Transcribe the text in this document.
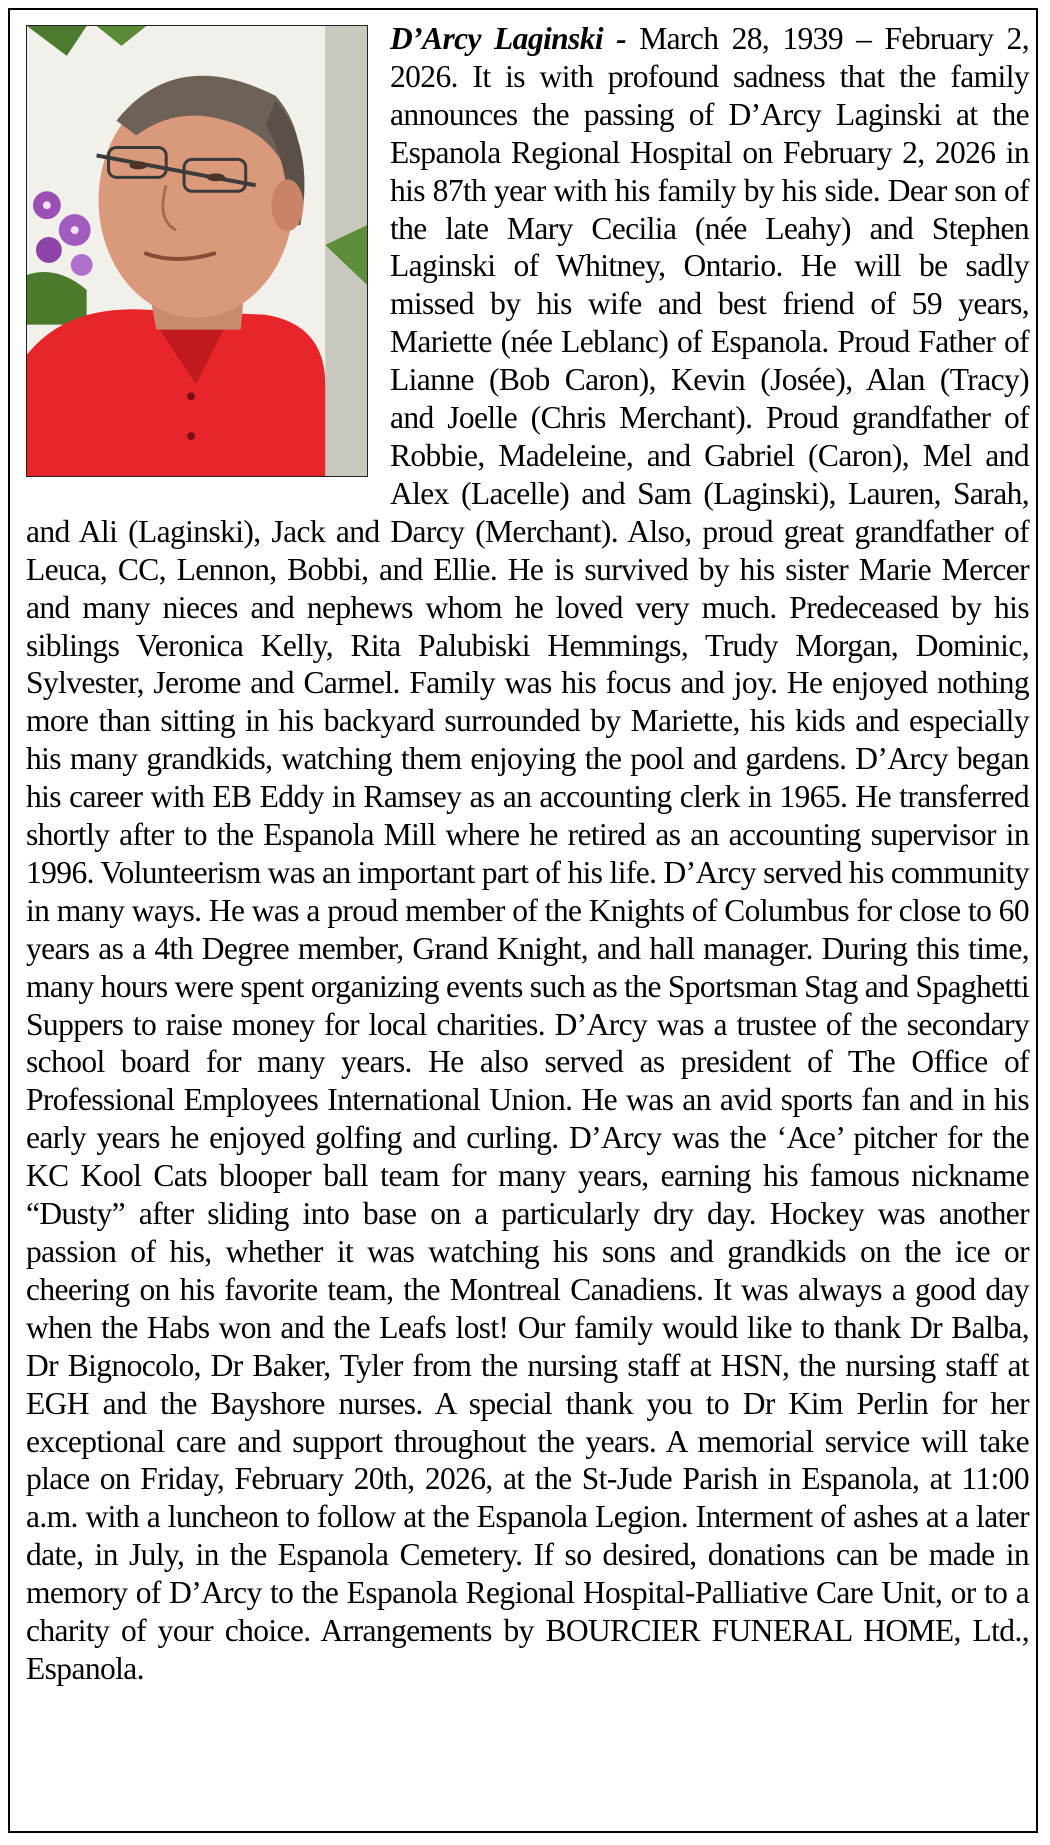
D’Arcy Laginski - March 28, 1939 – February 2, 2026. It is with profound sadness that the family announces the passing of D’Arcy Laginski at the Espanola Regional Hospital on February 2, 2026 in his 87th year with his family by his side. Dear son of the late Mary Cecilia (née Leahy) and Stephen Laginski of Whitney, Ontario. He will be sadly missed by his wife and best friend of 59 years, Mariette (née Leblanc) of Espanola. Proud Father of Lianne (Bob Caron), Kevin (Josée), Alan (Tracy) and Joelle (Chris Merchant). Proud grandfather of Robbie, Madeleine, and Gabriel (Caron), Mel and Alex (Lacelle) and Sam (Laginski), Lauren, Sarah, and Ali (Laginski), Jack and Darcy (Merchant). Also, proud great grandfather of Leuca, CC, Lennon, Bobbi, and Ellie. He is survived by his sister Marie Mercer and many nieces and nephews whom he loved very much. Predeceased by his siblings Veronica Kelly, Rita Palubiski Hemmings, Trudy Morgan, Dominic, Sylvester, Jerome and Carmel. Family was his focus and joy. He enjoyed nothing more than sitting in his backyard surrounded by Mariette, his kids and especially his many grandkids, watching them enjoying the pool and gardens. D’Arcy began his career with EB Eddy in Ramsey as an accounting clerk in 1965. He transferred shortly after to the Espanola Mill where he retired as an accounting supervisor in 1996. Volunteerism was an important part of his life. D’Arcy served his community in many ways. He was a proud member of the Knights of Columbus for close to 60 years as a 4th Degree member, Grand Knight, and hall manager. During this time, many hours were spent organizing events such as the Sportsman Stag and Spaghetti Suppers to raise money for local charities. D’Arcy was a trustee of the secondary school board for many years. He also served as president of The Office of Professional Employees International Union. He was an avid sports fan and in his early years he enjoyed golfing and curling. D’Arcy was the ‘Ace’ pitcher for the KC Kool Cats blooper ball team for many years, earning his famous nickname “Dusty” after sliding into base on a particularly dry day. Hockey was another passion of his, whether it was watching his sons and grandkids on the ice or cheering on his favorite team, the Montreal Canadiens. It was always a good day when the Habs won and the Leafs lost! Our family would like to thank Dr Balba, Dr Bignocolo, Dr Baker, Tyler from the nursing staff at HSN, the nursing staff at EGH and the Bayshore nurses. A special thank you to Dr Kim Perlin for her exceptional care and support throughout the years. A memorial service will take place on Friday, February 20th, 2026, at the St-Jude Parish in Espanola, at 11:00 a.m. with a luncheon to follow at the Espanola Legion. Interment of ashes at a later date, in July, in the Espanola Cemetery. If so desired, donations can be made in memory of D’Arcy to the Espanola Regional Hospital-Palliative Care Unit, or to a charity of your choice. Arrangements by BOURCIER FUNERAL HOME, Ltd., Espanola.
